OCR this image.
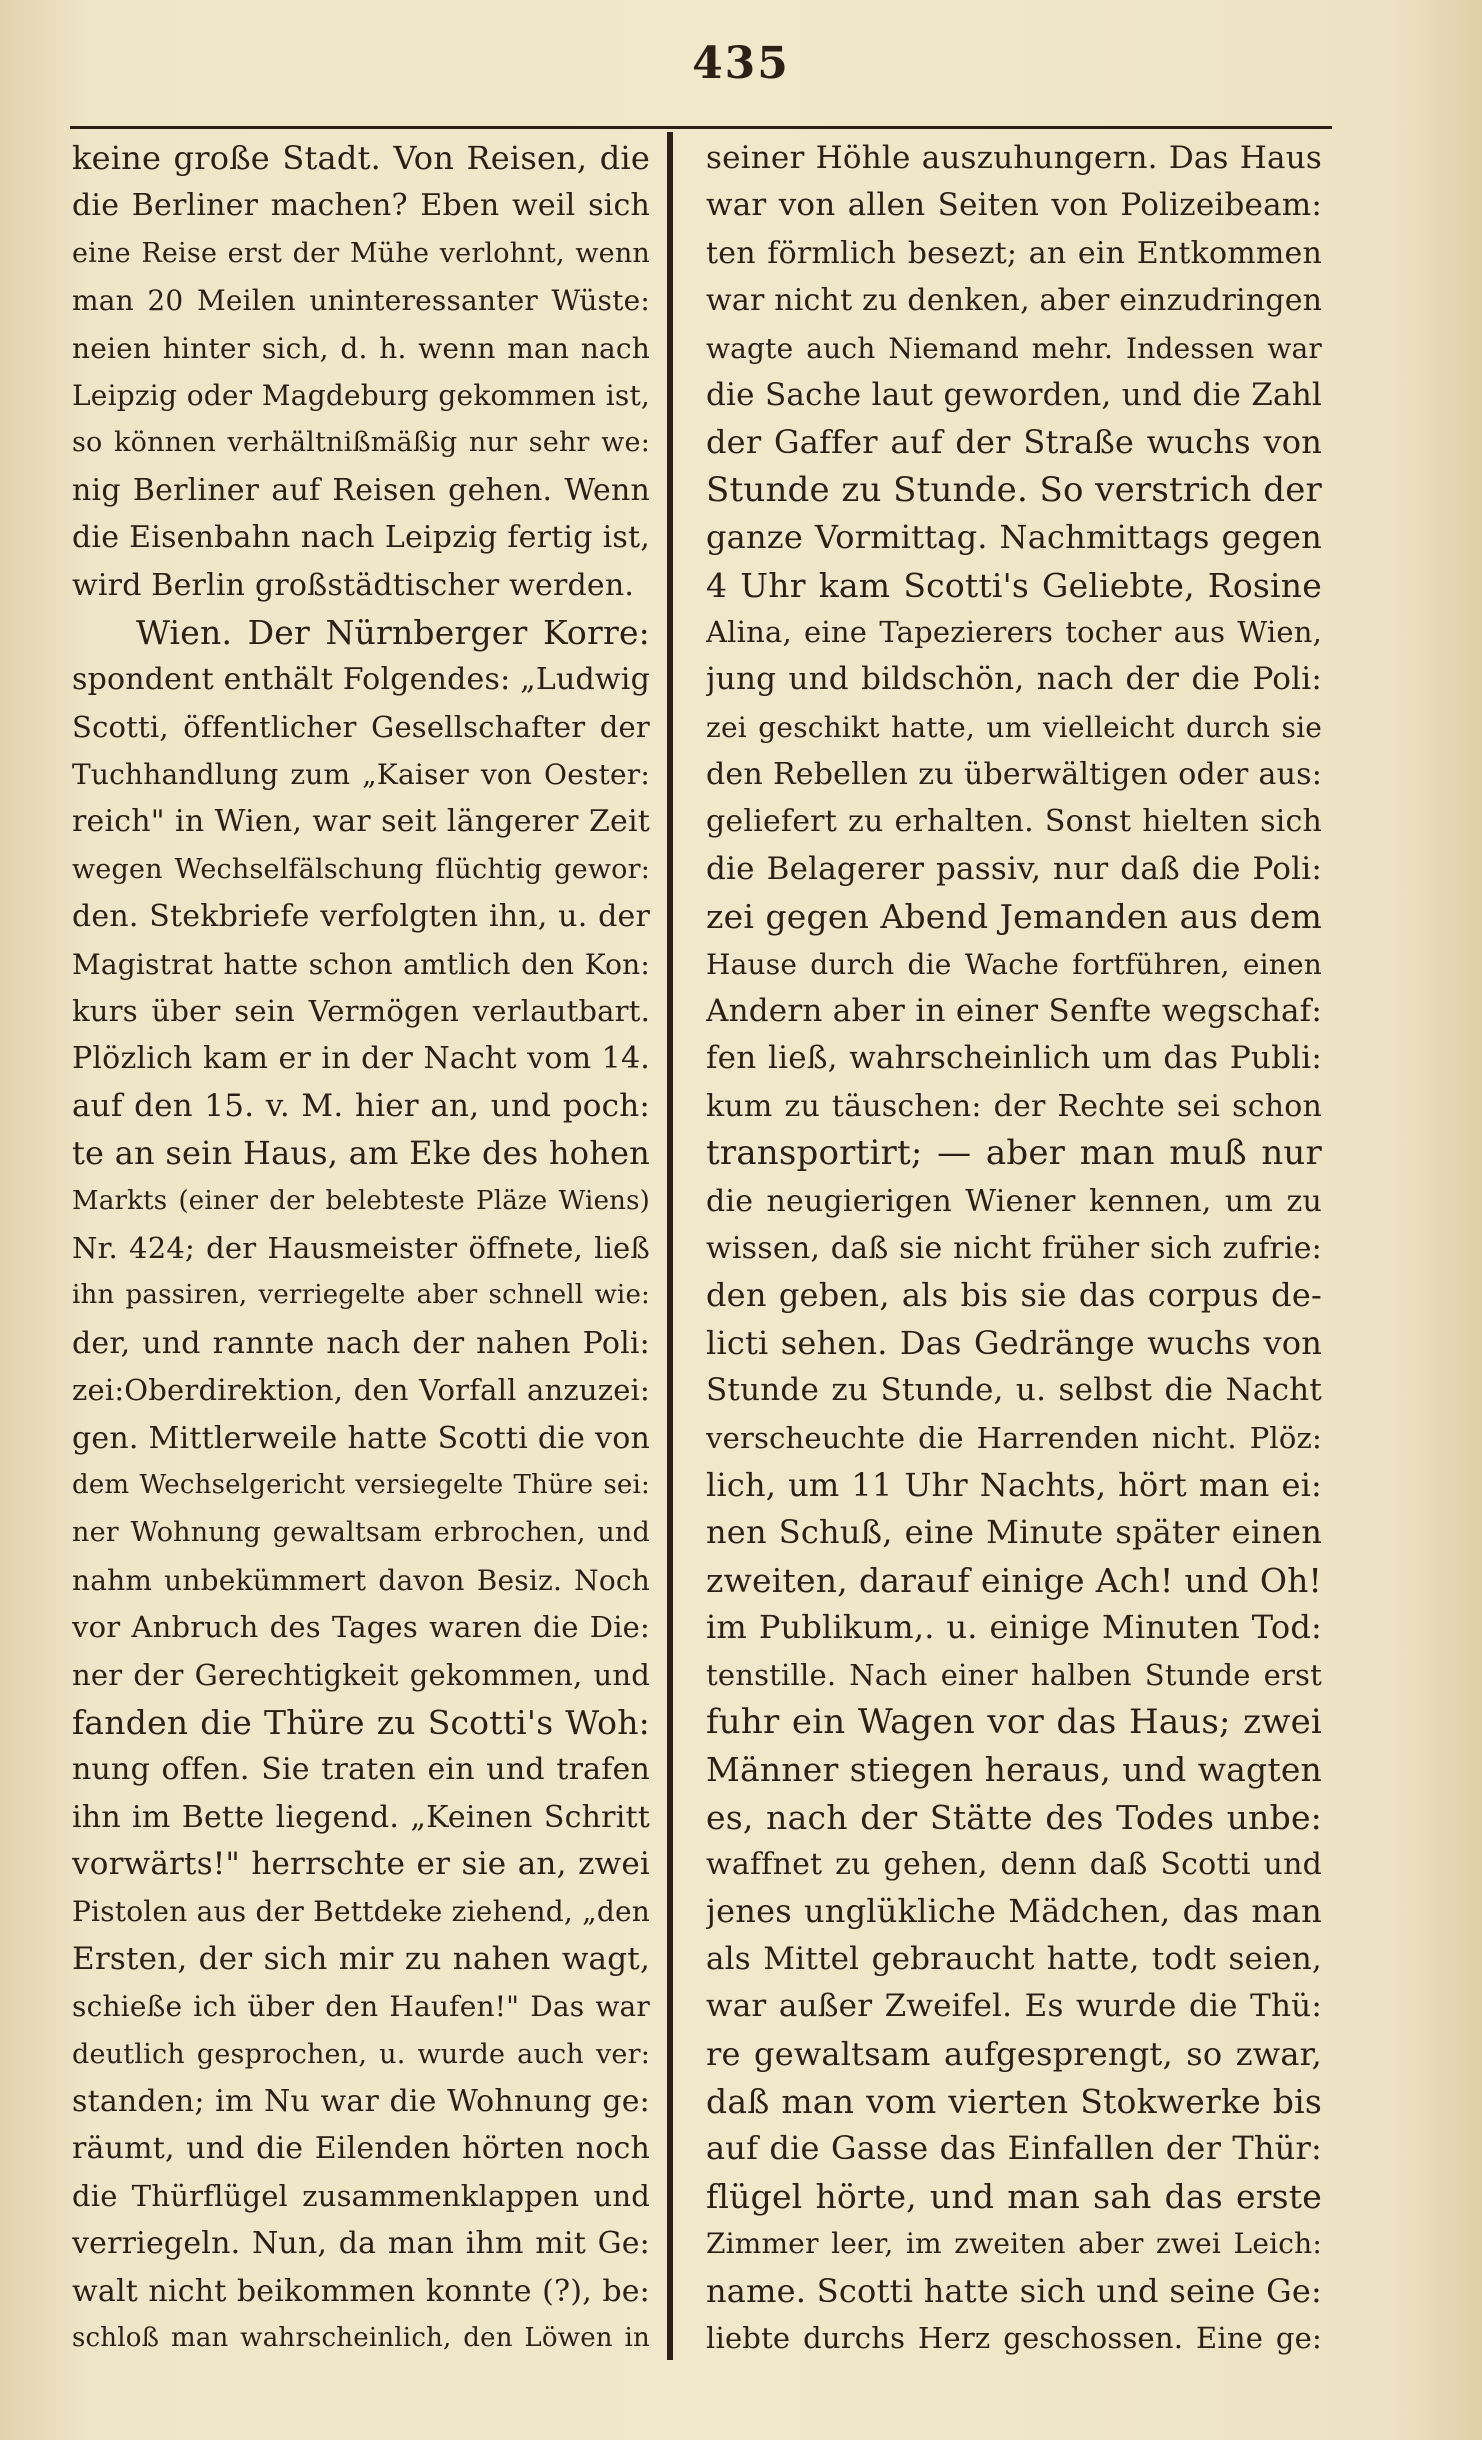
435
keine große Stadt. Von Reisen, die
die Berliner machen? Eben weil sich
eine Reise erst der Mühe verlohnt, wenn
man 20 Meilen uninteressanter Wüste:
neien hinter sich, d. h. wenn man nach
Leipzig oder Magdeburg gekommen ist,
so können verhältnißmäßig nur sehr we:
nig Berliner auf Reisen gehen. Wenn
die Eisenbahn nach Leipzig fertig ist,
wird Berlin großstädtischer werden.
Wien. Der Nürnberger Korre:
spondent enthält Folgendes: „Ludwig
Scotti, öffentlicher Gesellschafter der
Tuchhandlung zum „Kaiser von Oester:
reich" in Wien, war seit längerer Zeit
wegen Wechselfälschung flüchtig gewor:
den. Stekbriefe verfolgten ihn, u. der
Magistrat hatte schon amtlich den Kon:
kurs über sein Vermögen verlautbart.
Plözlich kam er in der Nacht vom 14.
auf den 15. v. M. hier an, und poch:
te an sein Haus, am Eke des hohen
Markts (einer der belebteste Pläze Wiens)
Nr. 424; der Hausmeister öffnete, ließ
ihn passiren, verriegelte aber schnell wie:
der, und rannte nach der nahen Poli:
zei:Oberdirektion, den Vorfall anzuzei:
gen. Mittlerweile hatte Scotti die von
dem Wechselgericht versiegelte Thüre sei:
ner Wohnung gewaltsam erbrochen, und
nahm unbekümmert davon Besiz. Noch
vor Anbruch des Tages waren die Die:
ner der Gerechtigkeit gekommen, und
fanden die Thüre zu Scotti's Woh:
nung offen. Sie traten ein und trafen
ihn im Bette liegend. „Keinen Schritt
vorwärts!" herrschte er sie an, zwei
Pistolen aus der Bettdeke ziehend, „den
Ersten, der sich mir zu nahen wagt,
schieße ich über den Haufen!" Das war
deutlich gesprochen, u. wurde auch ver:
standen; im Nu war die Wohnung ge:
räumt, und die Eilenden hörten noch
die Thürflügel zusammenklappen und
verriegeln. Nun, da man ihm mit Ge:
walt nicht beikommen konnte (?), be:
schloß man wahrscheinlich, den Löwen in
seiner Höhle auszuhungern. Das Haus
war von allen Seiten von Polizeibeam:
ten förmlich besezt; an ein Entkommen
war nicht zu denken, aber einzudringen
wagte auch Niemand mehr. Indessen war
die Sache laut geworden, und die Zahl
der Gaffer auf der Straße wuchs von
Stunde zu Stunde. So verstrich der
ganze Vormittag. Nachmittags gegen
4 Uhr kam Scotti's Geliebte, Rosine
Alina, eine Tapezierers tocher aus Wien,
jung und bildschön, nach der die Poli:
zei geschikt hatte, um vielleicht durch sie
den Rebellen zu überwältigen oder aus:
geliefert zu erhalten. Sonst hielten sich
die Belagerer passiv, nur daß die Poli:
zei gegen Abend Jemanden aus dem
Hause durch die Wache fortführen, einen
Andern aber in einer Senfte wegschaf:
fen ließ, wahrscheinlich um das Publi:
kum zu täuschen: der Rechte sei schon
transportirt; — aber man muß nur
die neugierigen Wiener kennen, um zu
wissen, daß sie nicht früher sich zufrie:
den geben, als bis sie das corpus de-
licti sehen. Das Gedränge wuchs von
Stunde zu Stunde, u. selbst die Nacht
verscheuchte die Harrenden nicht. Plöz:
lich, um 11 Uhr Nachts, hört man ei:
nen Schuß, eine Minute später einen
zweiten, darauf einige Ach! und Oh!
im Publikum,. u. einige Minuten Tod:
tenstille. Nach einer halben Stunde erst
fuhr ein Wagen vor das Haus; zwei
Männer stiegen heraus, und wagten
es, nach der Stätte des Todes unbe:
waffnet zu gehen, denn daß Scotti und
jenes unglükliche Mädchen, das man
als Mittel gebraucht hatte, todt seien,
war außer Zweifel. Es wurde die Thü:
re gewaltsam aufgesprengt, so zwar,
daß man vom vierten Stokwerke bis
auf die Gasse das Einfallen der Thür:
flügel hörte, und man sah das erste
Zimmer leer, im zweiten aber zwei Leich:
name. Scotti hatte sich und seine Ge:
liebte durchs Herz geschossen. Eine ge:
